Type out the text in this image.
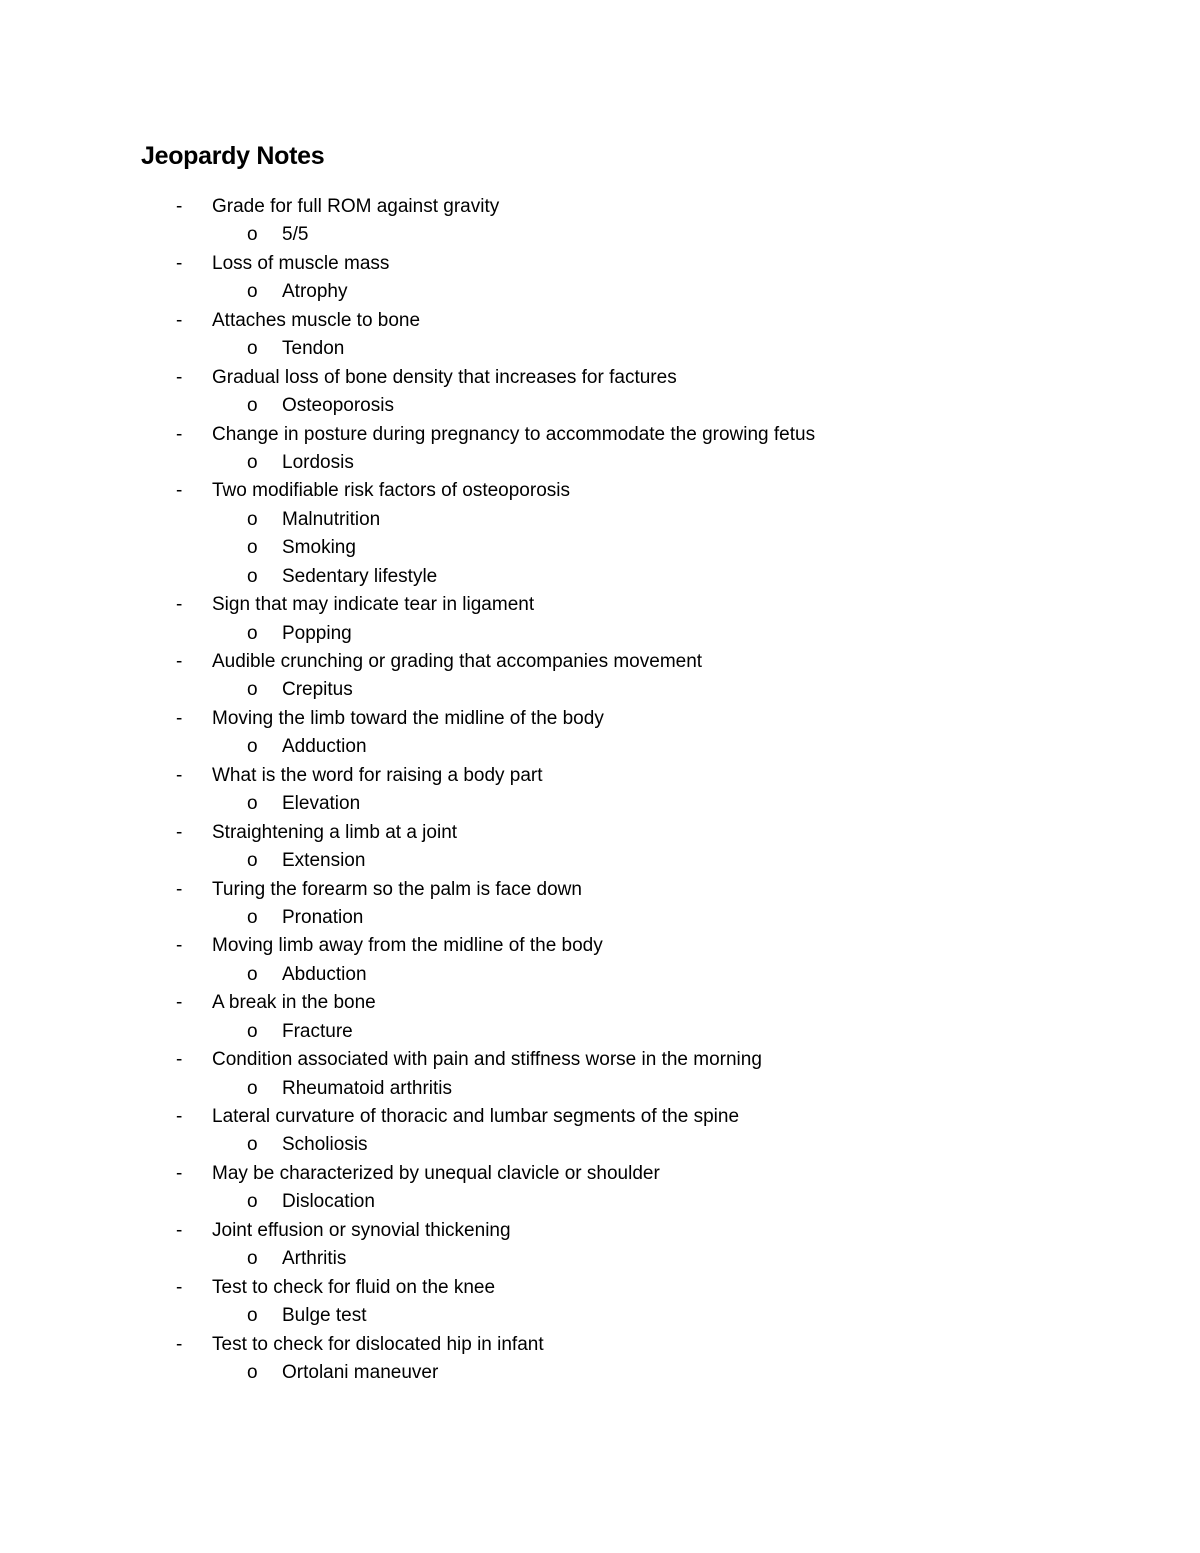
Jeopardy Notes
- Grade for full ROM against gravity
o 5/5
- Loss of muscle mass
o Atrophy
- Attaches muscle to bone
o Tendon
- Gradual loss of bone density that increases for factures
o Osteoporosis
- Change in posture during pregnancy to accommodate the growing fetus
o Lordosis
- Two modifiable risk factors of osteoporosis
o Malnutrition
o Smoking
o Sedentary lifestyle
- Sign that may indicate tear in ligament
o Popping
- Audible crunching or grading that accompanies movement
o Crepitus
- Moving the limb toward the midline of the body
o Adduction
- What is the word for raising a body part
o Elevation
- Straightening a limb at a joint
o Extension
- Turing the forearm so the palm is face down
o Pronation
- Moving limb away from the midline of the body
o Abduction
- A break in the bone
o Fracture
- Condition associated with pain and stiffness worse in the morning
o Rheumatoid arthritis
- Lateral curvature of thoracic and lumbar segments of the spine
o Scholiosis
- May be characterized by unequal clavicle or shoulder
o Dislocation
- Joint effusion or synovial thickening
o Arthritis
- Test to check for fluid on the knee
o Bulge test
- Test to check for dislocated hip in infant
o Ortolani maneuver
